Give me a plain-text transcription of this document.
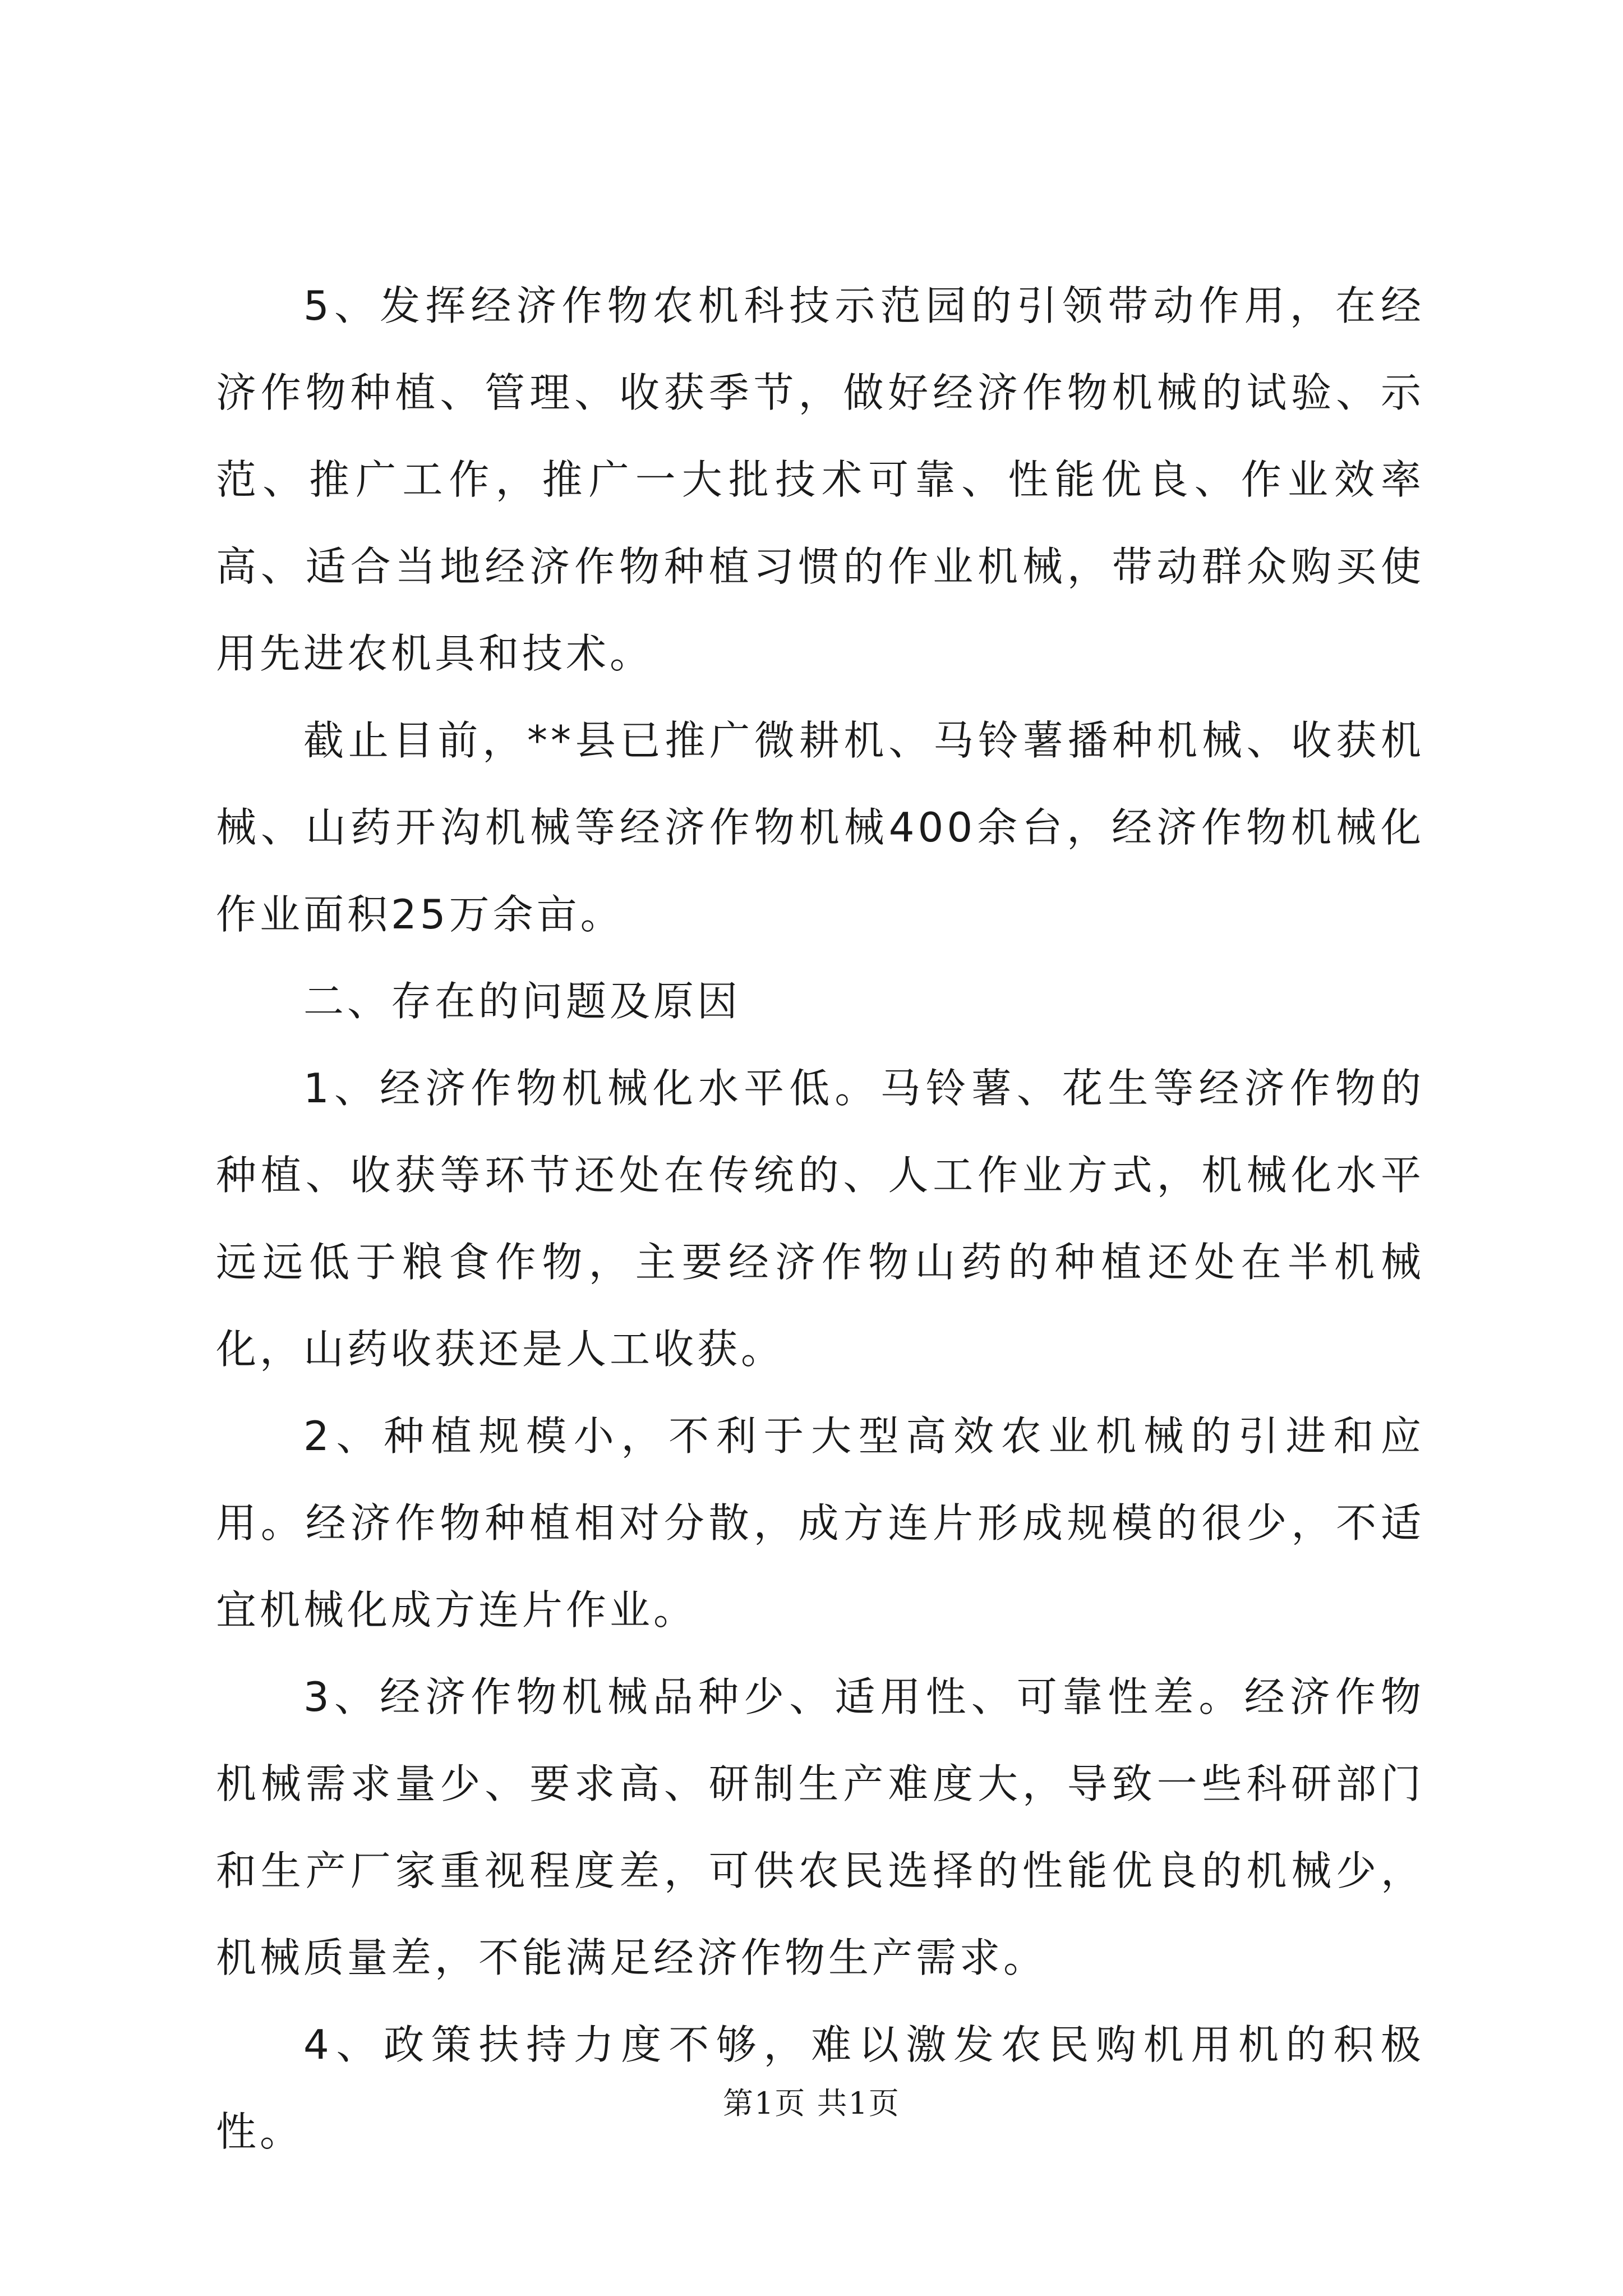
5、发挥经济作物农机科技示范园的引领带动作用，在经济作物种植、管理、收获季节，做好经济作物机械的试验、示范、推广工作，推广一大批技术可靠、性能优良、作业效率高、适合当地经济作物种植习惯的作业机械，带动群众购买使用先进农机具和技术。

截止目前，**县已推广微耕机、马铃薯播种机械、收获机械、山药开沟机械等经济作物机械400余台，经济作物机械化作业面积25万余亩。

二、存在的问题及原因

1、经济作物机械化水平低。马铃薯、花生等经济作物的种植、收获等环节还处在传统的、人工作业方式，机械化水平远远低于粮食作物，主要经济作物山药的种植还处在半机械化，山药收获还是人工收获。

2、种植规模小，不利于大型高效农业机械的引进和应用。经济作物种植相对分散，成方连片形成规模的很少，不适宜机械化成方连片作业。

3、经济作物机械品种少、适用性、可靠性差。经济作物机械需求量少、要求高、研制生产难度大，导致一些科研部门和生产厂家重视程度差，可供农民选择的性能优良的机械少，机械质量差，不能满足经济作物生产需求。

4、政策扶持力度不够，难以激发农民购机用机的积极性。

第1页 共1页
